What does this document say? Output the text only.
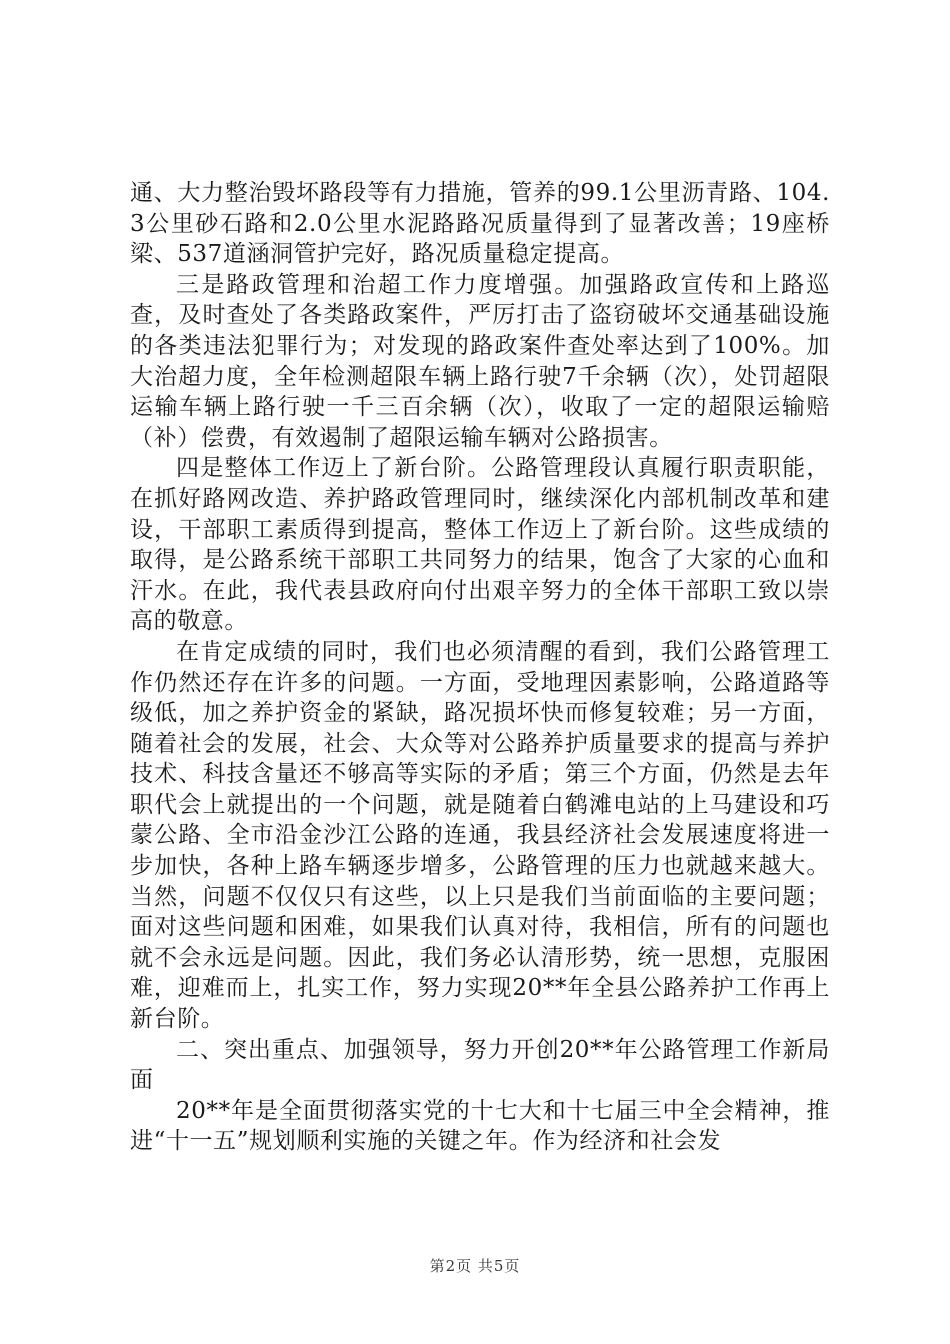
通、大力整治毁坏路段等有力措施，管养的99.1公里沥青路、104.3公里砂石路和2.0公里水泥路路况质量得到了显著改善；19座桥梁、537道涵洞管护完好，路况质量稳定提高。

三是路政管理和治超工作力度增强。加强路政宣传和上路巡查，及时查处了各类路政案件，严厉打击了盗窃破坏交通基础设施的各类违法犯罪行为；对发现的路政案件查处率达到了100%。加大治超力度，全年检测超限车辆上路行驶7千余辆（次），处罚超限运输车辆上路行驶一千三百余辆（次），收取了一定的超限运输赔（补）偿费，有效遏制了超限运输车辆对公路损害。

四是整体工作迈上了新台阶。公路管理段认真履行职责职能，在抓好路网改造、养护路政管理同时，继续深化内部机制改革和建设，干部职工素质得到提高，整体工作迈上了新台阶。这些成绩的取得，是公路系统干部职工共同努力的结果，饱含了大家的心血和汗水。在此，我代表县政府向付出艰辛努力的全体干部职工致以崇高的敬意。

在肯定成绩的同时，我们也必须清醒的看到，我们公路管理工作仍然还存在许多的问题。一方面，受地理因素影响，公路道路等级低，加之养护资金的紧缺，路况损坏快而修复较难；另一方面，随着社会的发展，社会、大众等对公路养护质量要求的提高与养护技术、科技含量还不够高等实际的矛盾；第三个方面，仍然是去年职代会上就提出的一个问题，就是随着白鹤滩电站的上马建设和巧蒙公路、全市沿金沙江公路的连通，我县经济社会发展速度将进一步加快，各种上路车辆逐步增多，公路管理的压力也就越来越大。当然，问题不仅仅只有这些，以上只是我们当前面临的主要问题；面对这些问题和困难，如果我们认真对待，我相信，所有的问题也就不会永远是问题。因此，我们务必认清形势，统一思想，克服困难，迎难而上，扎实工作，努力实现20**年全县公路养护工作再上新台阶。

二、突出重点、加强领导，努力开创20**年公路管理工作新局面

20**年是全面贯彻落实党的十七大和十七届三中全会精神，推进“十一五”规划顺利实施的关键之年。作为经济和社会发

第2页 共5页
